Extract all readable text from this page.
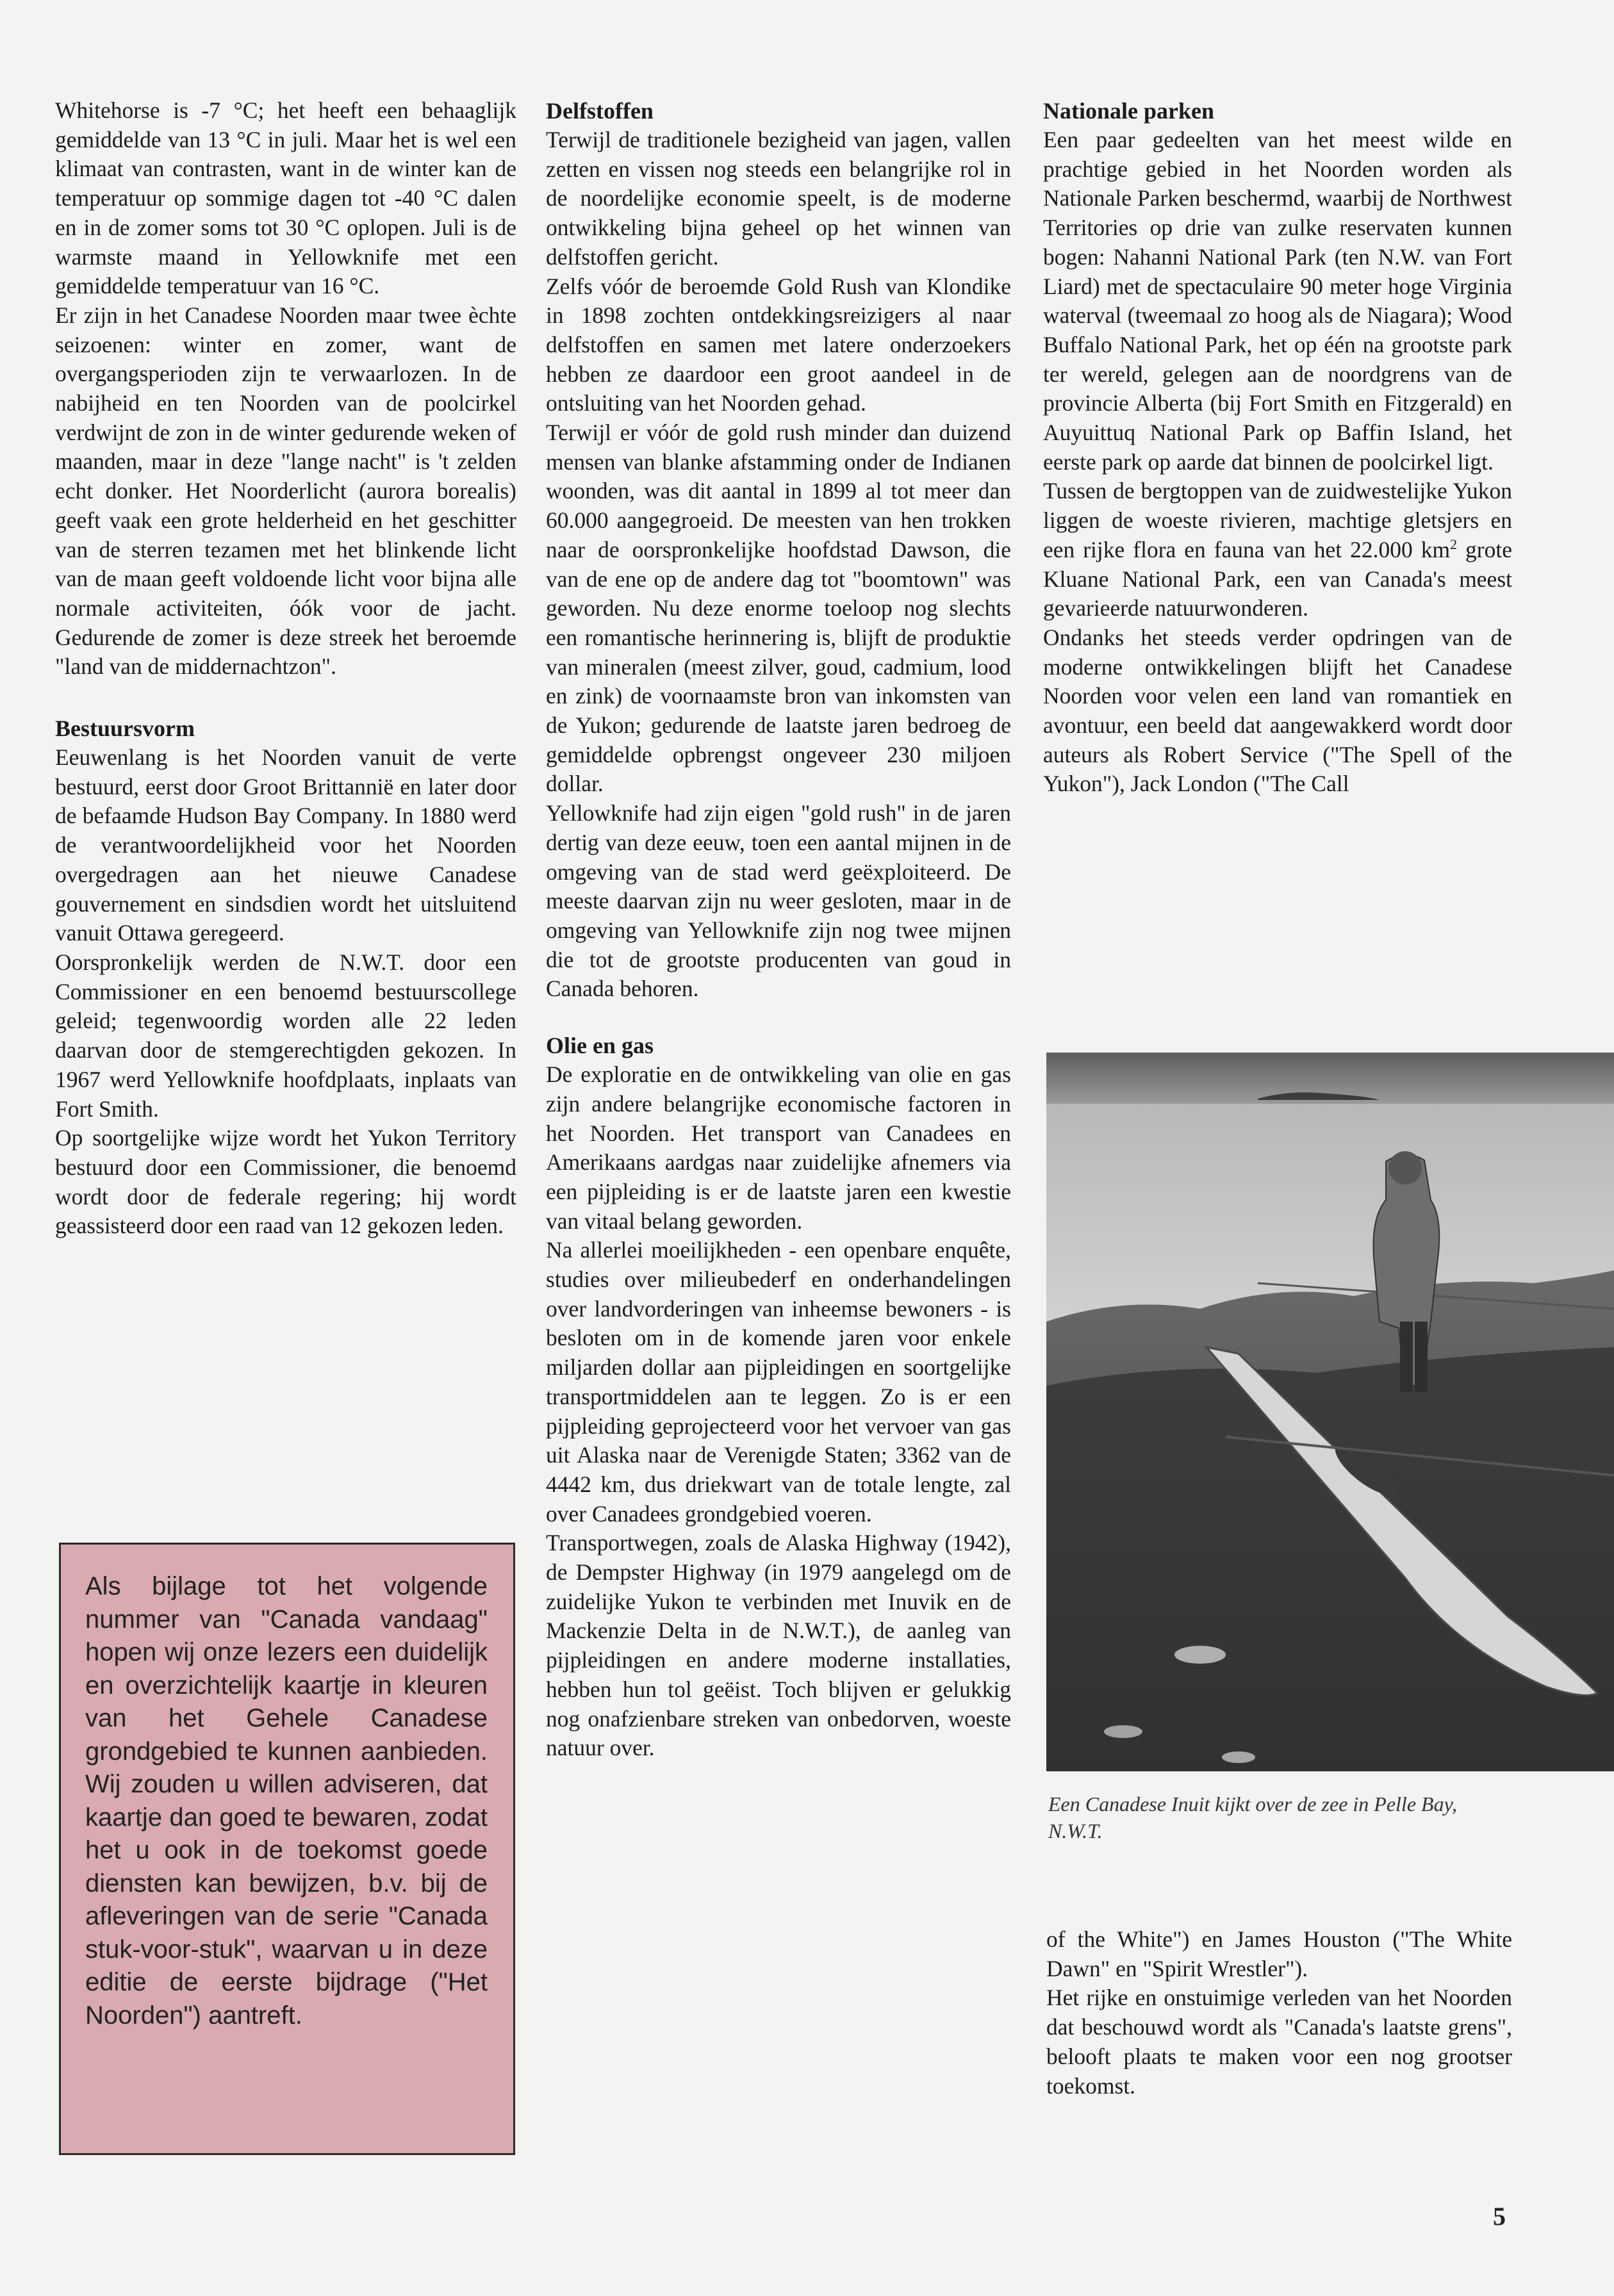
Whitehorse is -7 °C; het heeft een behaaglijk gemiddelde van 13 °C in juli. Maar het is wel een klimaat van contrasten, want in de winter kan de temperatuur op sommige dagen tot -40 °C dalen en in de zomer soms tot 30 °C oplopen. Juli is de warmste maand in Yellowknife met een gemiddelde temperatuur van 16 °C.

Er zijn in het Canadese Noorden maar twee èchte seizoenen: winter en zomer, want de overgangsperioden zijn te verwaarlozen. In de nabijheid en ten Noorden van de poolcirkel verdwijnt de zon in de winter gedurende weken of maanden, maar in deze "lange nacht" is 't zelden echt donker. Het Noorderlicht (aurora borealis) geeft vaak een grote helderheid en het geschitter van de sterren tezamen met het blinkende licht van de maan geeft voldoende licht voor bijna alle normale activiteiten, óók voor de jacht. Gedurende de zomer is deze streek het beroemde "land van de middernachtzon".

Bestuursvorm

Eeuwenlang is het Noorden vanuit de verte bestuurd, eerst door Groot Brittannië en later door de befaamde Hudson Bay Company. In 1880 werd de verantwoordelijkheid voor het Noorden overgedragen aan het nieuwe Canadese gouvernement en sindsdien wordt het uitsluitend vanuit Ottawa geregeerd.

Oorspronkelijk werden de N.W.T. door een Commissioner en een benoemd bestuurscollege geleid; tegenwoordig worden alle 22 leden daarvan door de stemgerechtigden gekozen. In 1967 werd Yellowknife hoofdplaats, inplaats van Fort Smith.

Op soortgelijke wijze wordt het Yukon Territory bestuurd door een Commissioner, die benoemd wordt door de federale regering; hij wordt geassisteerd door een raad van 12 gekozen leden.

Als bijlage tot het volgende nummer van "Canada vandaag" hopen wij onze lezers een duidelijk en overzichtelijk kaartje in kleuren van het Gehele Canadese grondgebied te kunnen aanbieden. Wij zouden u willen adviseren, dat kaartje dan goed te bewaren, zodat het u ook in de toekomst goede diensten kan bewijzen, b.v. bij de afleveringen van de serie "Canada stuk-voor-stuk", waarvan u in deze editie de eerste bijdrage ("Het Noorden") aantreft.
Delfstoffen

Terwijl de traditionele bezigheid van jagen, vallen zetten en vissen nog steeds een belangrijke rol in de noordelijke economie speelt, is de moderne ontwikkeling bijna geheel op het winnen van delfstoffen gericht.

Zelfs vóór de beroemde Gold Rush van Klondike in 1898 zochten ontdekkingsreizigers al naar delfstoffen en samen met latere onderzoekers hebben ze daardoor een groot aandeel in de ontsluiting van het Noorden gehad.

Terwijl er vóór de gold rush minder dan duizend mensen van blanke afstamming onder de Indianen woonden, was dit aantal in 1899 al tot meer dan 60.000 aangegroeid. De meesten van hen trokken naar de oorspronkelijke hoofdstad Dawson, die van de ene op de andere dag tot "boomtown" was geworden. Nu deze enorme toeloop nog slechts een romantische herinnering is, blijft de produktie van mineralen (meest zilver, goud, cadmium, lood en zink) de voornaamste bron van inkomsten van de Yukon; gedurende de laatste jaren bedroeg de gemiddelde opbrengst ongeveer 230 miljoen dollar.

Yellowknife had zijn eigen "gold rush" in de jaren dertig van deze eeuw, toen een aantal mijnen in de omgeving van de stad werd geëxploiteerd. De meeste daarvan zijn nu weer gesloten, maar in de omgeving van Yellowknife zijn nog twee mijnen die tot de grootste producenten van goud in Canada behoren.

Olie en gas

De exploratie en de ontwikkeling van olie en gas zijn andere belangrijke economische factoren in het Noorden. Het transport van Canadees en Amerikaans aardgas naar zuidelijke afnemers via een pijpleiding is er de laatste jaren een kwestie van vitaal belang geworden.

Na allerlei moeilijkheden - een openbare enquête, studies over milieubederf en onderhandelingen over landvorderingen van inheemse bewoners - is besloten om in de komende jaren voor enkele miljarden dollar aan pijpleidingen en soortgelijke transportmiddelen aan te leggen. Zo is er een pijpleiding geprojecteerd voor het vervoer van gas uit Alaska naar de Verenigde Staten; 3362 van de 4442 km, dus driekwart van de totale lengte, zal over Canadees grondgebied voeren.

Transportwegen, zoals de Alaska Highway (1942), de Dempster Highway (in 1979 aangelegd om de zuidelijke Yukon te verbinden met Inuvik en de Mackenzie Delta in de N.W.T.), de aanleg van pijpleidingen en andere moderne installaties, hebben hun tol geëist. Toch blijven er gelukkig nog onafzienbare streken van onbedorven, woeste natuur over.

Nationale parken

Een paar gedeelten van het meest wilde en prachtige gebied in het Noorden worden als Nationale Parken beschermd, waarbij de Northwest Territories op drie van zulke reservaten kunnen bogen: Nahanni National Park (ten N.W. van Fort Liard) met de spectaculaire 90 meter hoge Virginia waterval (tweemaal zo hoog als de Niagara); Wood Buffalo National Park, het op één na grootste park ter wereld, gelegen aan de noordgrens van de provincie Alberta (bij Fort Smith en Fitzgerald) en Auyuittuq National Park op Baffin Island, het eerste park op aarde dat binnen de poolcirkel ligt.

Tussen de bergtoppen van de zuidwestelijke Yukon liggen de woeste rivieren, machtige gletsjers en een rijke flora en fauna van het 22.000 $km^2$ grote Kluane National Park, een van Canada's meest gevarieerde natuurwonderen.

Ondanks het steeds verder opdringen van de moderne ontwikkelingen blijft het Canadese Noorden voor velen een land van romantiek en avontuur, een beeld dat aangewakkerd wordt door auteurs als Robert Service ("The Spell of the Yukon"), Jack London ("The Call

Een Canadese Inuit kijkt over de zee in Pelle Bay, N.W.T.

of the White") en James Houston ("The White Dawn" en "Spirit Wrestler").

Het rijke en onstuimige verleden van het Noorden dat beschouwd wordt als "Canada's laatste grens", belooft plaats te maken voor een nog grootser toekomst.

5
